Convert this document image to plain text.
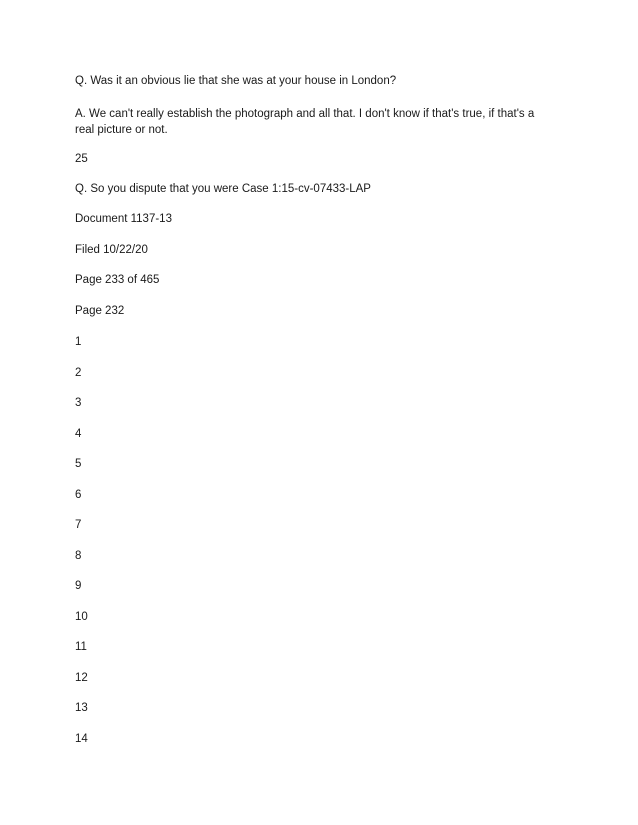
Q. Was it an obvious lie that she was at your house in London?
A. We can't really establish the photograph and all that. I don't know if that's true, if that's a real picture or not.
25
Q. So you dispute that you were Case 1:15-cv-07433-LAP
Document 1137-13
Filed 10/22/20
Page 233 of 465
Page 232
1
2
3
4
5
6
7
8
9
10
11
12
13
14
